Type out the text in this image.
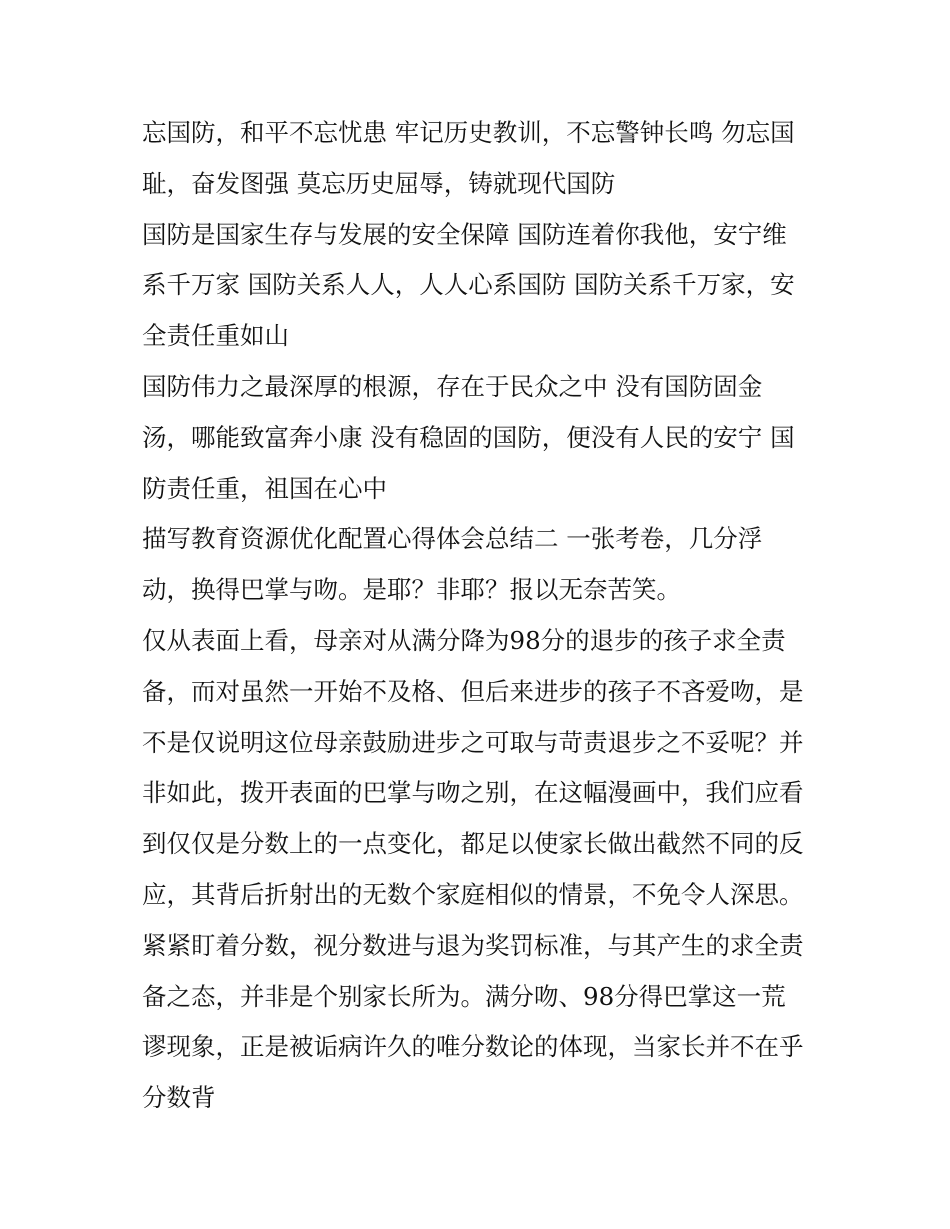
忘国防，和平不忘忧患 牢记历史教训，不忘警钟长鸣 勿忘国
耻，奋发图强 莫忘历史屈辱，铸就现代国防

国防是国家生存与发展的安全保障 国防连着你我他，安宁维
系千万家 国防关系人人，人人心系国防 国防关系千万家，安
全责任重如山

国防伟力之最深厚的根源，存在于民众之中 没有国防固金
汤，哪能致富奔小康 没有稳固的国防，便没有人民的安宁 国
防责任重，祖国在心中

描写教育资源优化配置心得体会总结二 一张考卷，几分浮
动，换得巴掌与吻。是耶？非耶？报以无奈苦笑。

仅从表面上看，母亲对从满分降为98分的退步的孩子求全责
备，而对虽然一开始不及格、但后来进步的孩子不吝爱吻，是
不是仅说明这位母亲鼓励进步之可取与苛责退步之不妥呢？并
非如此，拨开表面的巴掌与吻之别，在这幅漫画中，我们应看
到仅仅是分数上的一点变化，都足以使家长做出截然不同的反
应，其背后折射出的无数个家庭相似的情景，不免令人深思。

紧紧盯着分数，视分数进与退为奖罚标准，与其产生的求全责
备之态，并非是个别家长所为。满分吻、98分得巴掌这一荒
谬现象，正是被诟病许久的唯分数论的体现，当家长并不在乎
分数背
